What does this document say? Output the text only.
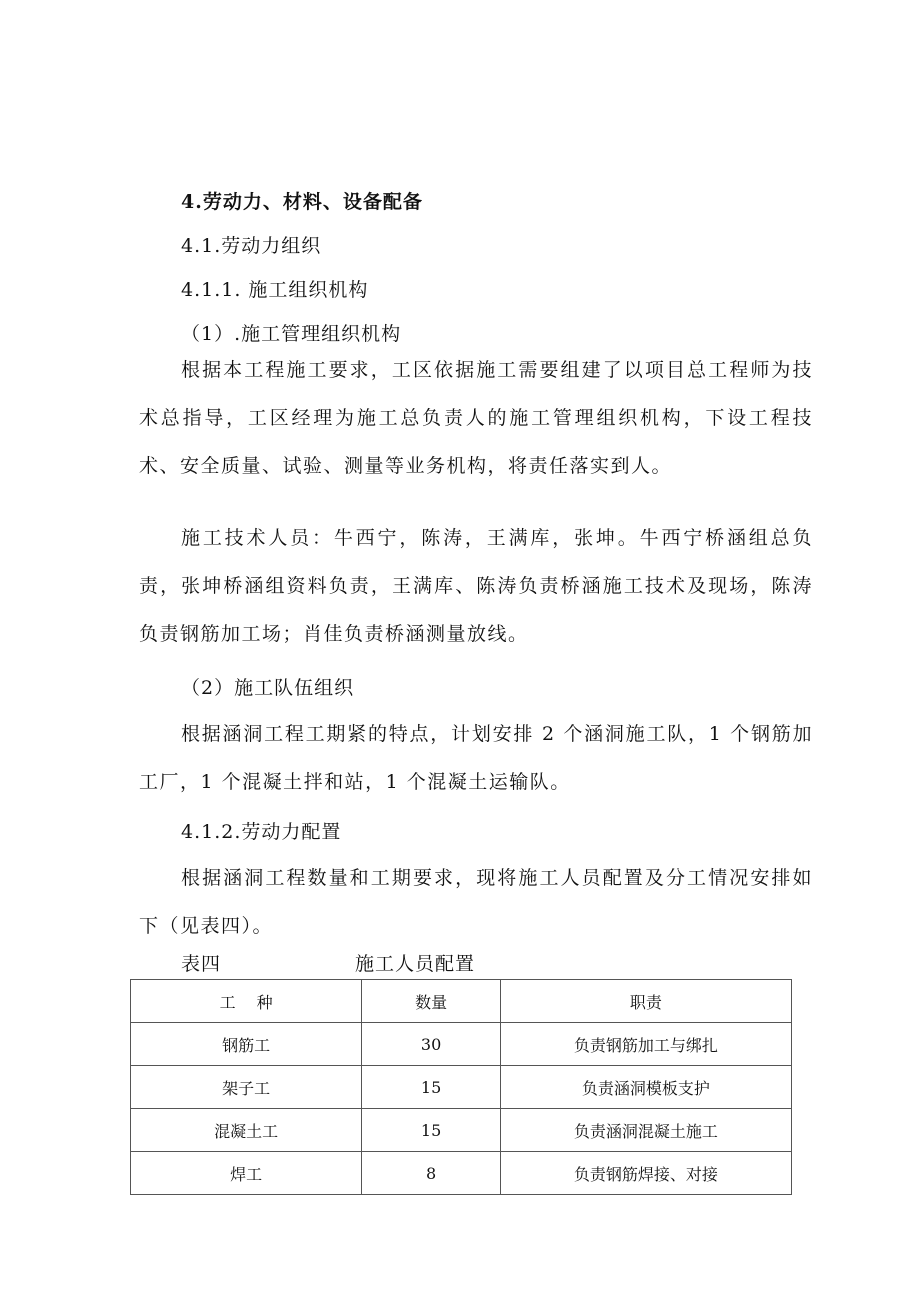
4.劳动力、材料、设备配备
4.1.劳动力组织
4.1.1. 施工组织机构
（1）.施工管理组织机构
根据本工程施工要求，工区依据施工需要组建了以项目总工程师为技术总指导，工区经理为施工总负责人的施工管理组织机构，下设工程技术、安全质量、试验、测量等业务机构，将责任落实到人。
施工技术人员：牛西宁，陈涛，王满库，张坤。牛西宁桥涵组总负责，张坤桥涵组资料负责，王满库、陈涛负责桥涵施工技术及现场，陈涛负责钢筋加工场；肖佳负责桥涵测量放线。
（2）施工队伍组织
根据涵洞工程工期紧的特点，计划安排 2 个涵洞施工队，1 个钢筋加工厂，1 个混凝土拌和站，1 个混凝土运输队。
4.1.2.劳动力配置
根据涵洞工程数量和工期要求，现将施工人员配置及分工情况安排如下（见表四）。
表四	施工人员配置
工　 种	数量	职责
钢筋工	30	负责钢筋加工与绑扎
架子工	15	负责涵洞模板支护
混凝土工	15	负责涵洞混凝土施工
焊工	8	负责钢筋焊接、对接
